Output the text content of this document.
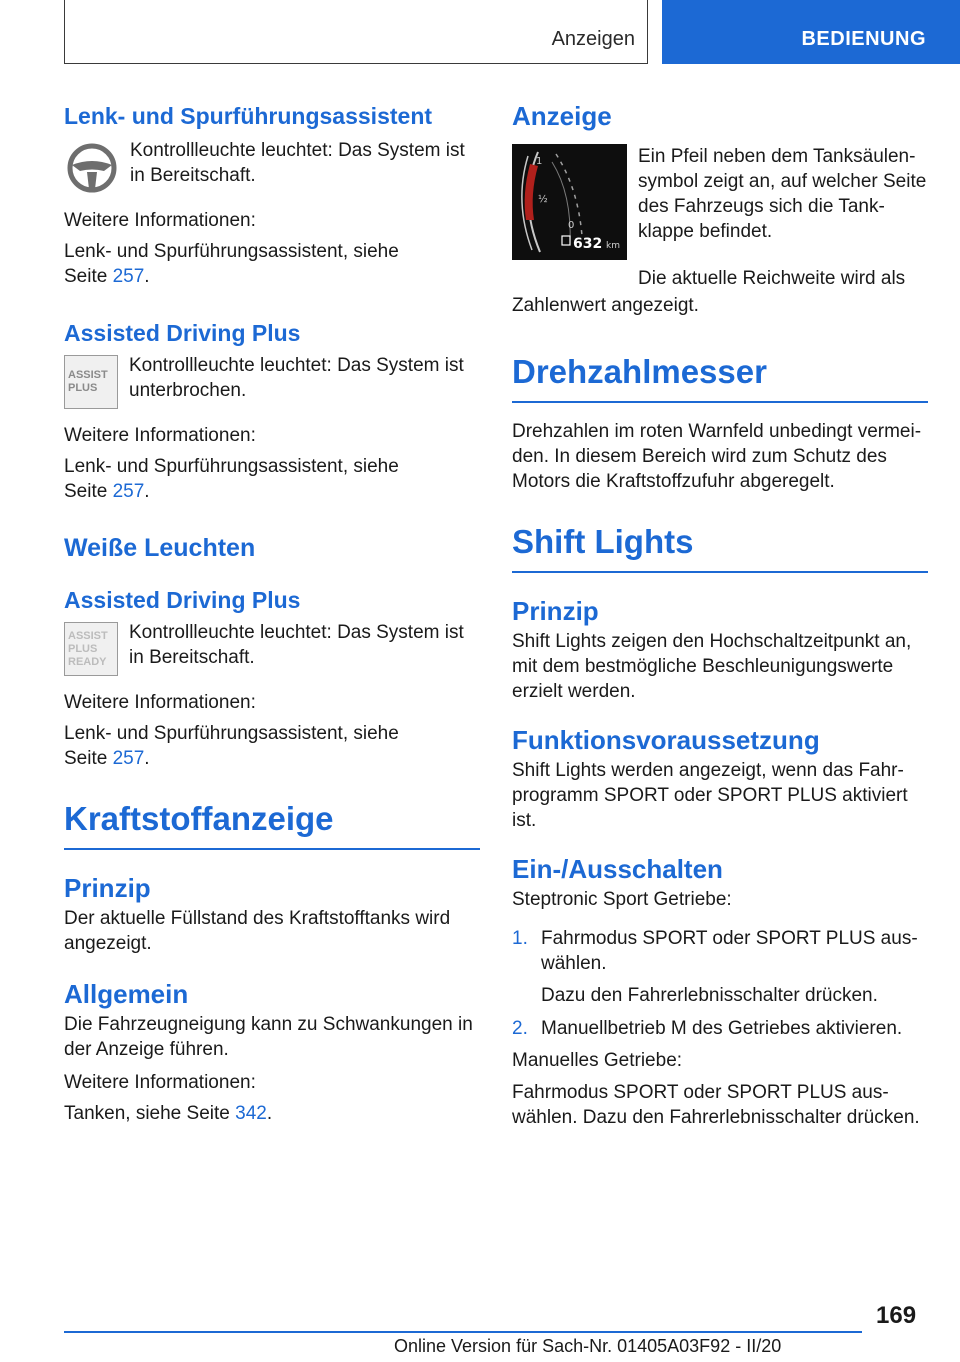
Anzeigen	BEDIENUNG
Lenk- und Spurführungsassistent

Kontrollleuchte leuchtet: Das System ist in Bereitschaft.

Weitere Informationen:

Lenk- und Spurführungsassistent, siehe
Seite 257.

Assisted Driving Plus
ASSIST
PLUS

Kontrollleuchte leuchtet: Das System ist unterbrochen.

Weitere Informationen:

Lenk- und Spurführungsassistent, siehe
Seite 257.

Weiße Leuchten
Assisted Driving Plus
ASSIST
PLUS
READY

Kontrollleuchte leuchtet: Das System ist in Bereitschaft.

Weitere Informationen:

Lenk- und Spurführungsassistent, siehe
Seite 257.

Kraftstoffanzeige
Prinzip

Der aktuelle Füllstand des Kraftstofftanks wird angezeigt.

Allgemein

Die Fahrzeugneigung kann zu Schwankungen in der Anzeige führen.

Weitere Informationen:

Tanken, siehe Seite 342.

Anzeige
1
½
0
632 km

Ein Pfeil neben dem Tanksäulensymbol zeigt an, auf welcher Seite des Fahrzeugs sich die Tankklappe befindet.

Die aktuelle Reichweite wird als

Zahlenwert angezeigt.

Drehzahlmesser

Drehzahlen im roten Warnfeld unbedingt vermeiden. In diesem Bereich wird zum Schutz des Motors die Kraftstoffzufuhr abgeregelt.

Shift Lights
Prinzip

Shift Lights zeigen den Hochschaltzeitpunkt an, mit dem bestmögliche Beschleunigungswerte erzielt werden.

Funktionsvoraussetzung

Shift Lights werden angezeigt, wenn das Fahrprogramm SPORT oder SPORT PLUS aktiviert ist.

Ein-/Ausschalten

Steptronic Sport Getriebe:

1. Fahrmodus SPORT oder SPORT PLUS auswählen.

Dazu den Fahrerlebnisschalter drücken.

2. Manuellbetrieb M des Getriebes aktivieren.

Manuelles Getriebe:

Fahrmodus SPORT oder SPORT PLUS auswählen. Dazu den Fahrerlebnisschalter drücken.

169
Online Version für Sach-Nr. 01405A03F92 - II/20
